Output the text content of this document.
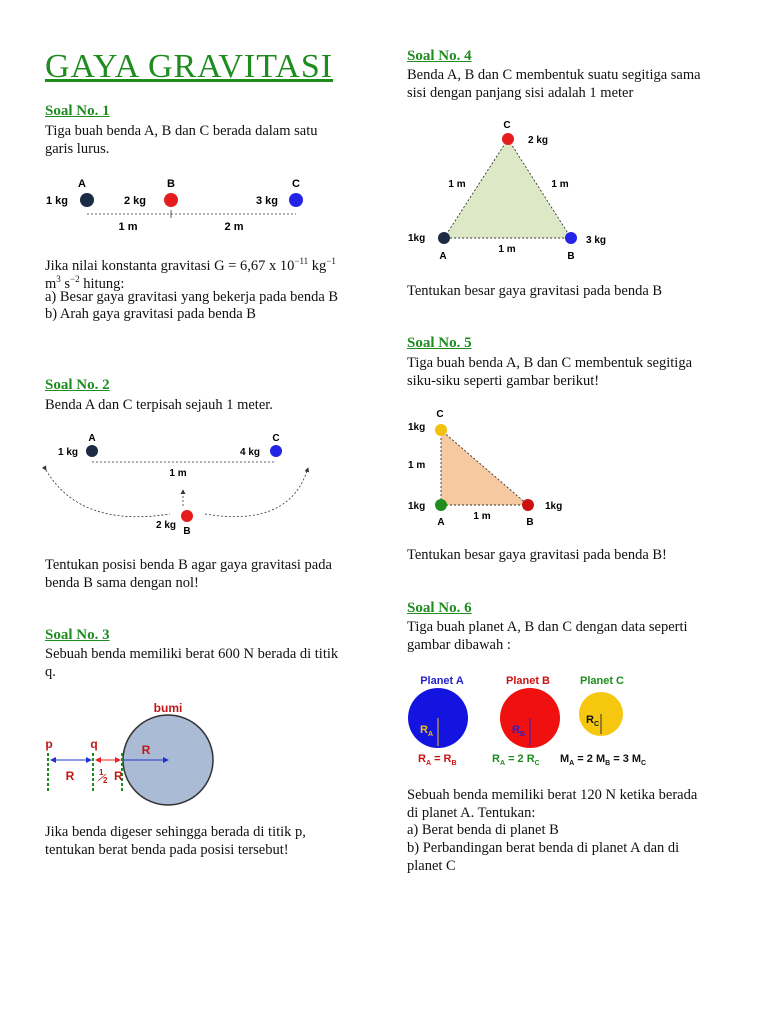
GAYA GRAVITASI
Soal No. 1
Tiga buah benda A, B dan C berada dalam satu
garis lurus.
A	B	C
1 kg	2 kg	3 kg
1 m	2 m
Jika nilai konstanta gravitasi G = 6,67 x $10^{-11}$ $kg^{-1}$
$m^3$ $s^{-2}$ hitung:
a) Besar gaya gravitasi yang bekerja pada benda B
b) Arah gaya gravitasi pada benda B
Soal No. 2
Benda A dan C terpisah sejauh 1 meter.
A	C
1 kg	4 kg
1 m
2 kg
B
Tentukan posisi benda B agar gaya gravitasi pada
benda B sama dengan nol!
Soal No. 3
Sebuah benda memiliki berat 600 N berada di titik
q.
bumi
R
p	q
R	1
2 R
Jika benda digeser sehingga berada di titik p,
tentukan berat benda pada posisi tersebut!
Soal No. 4
Benda A, B dan C membentuk suatu segitiga sama
sisi dengan panjang sisi adalah 1 meter
C
2 kg
1 m	1 m
1kg	3 kg
1 m
A	B
Tentukan besar gaya gravitasi pada benda B
Soal No. 5
Tiga buah benda A, B dan C membentuk segitiga
siku-siku seperti gambar berikut!
C
1kg
1 m
1kg	1kg
1 m
A	B
Tentukan besar gaya gravitasi pada benda B!
Soal No. 6
Tiga buah planet A, B dan C dengan data seperti
gambar dibawah :
Planet A	Planet B	Planet C
$R_A$	$R_B$
$R_C$
$R_A = R_B$	$R_A = 2$ $R_C$ $M_A = 2$ $M_B = 3$ $M_C$
Sebuah benda memiliki berat 120 N ketika berada
di planet A. Tentukan:
a) Berat benda di planet B
b) Perbandingan berat benda di planet A dan di
planet C
